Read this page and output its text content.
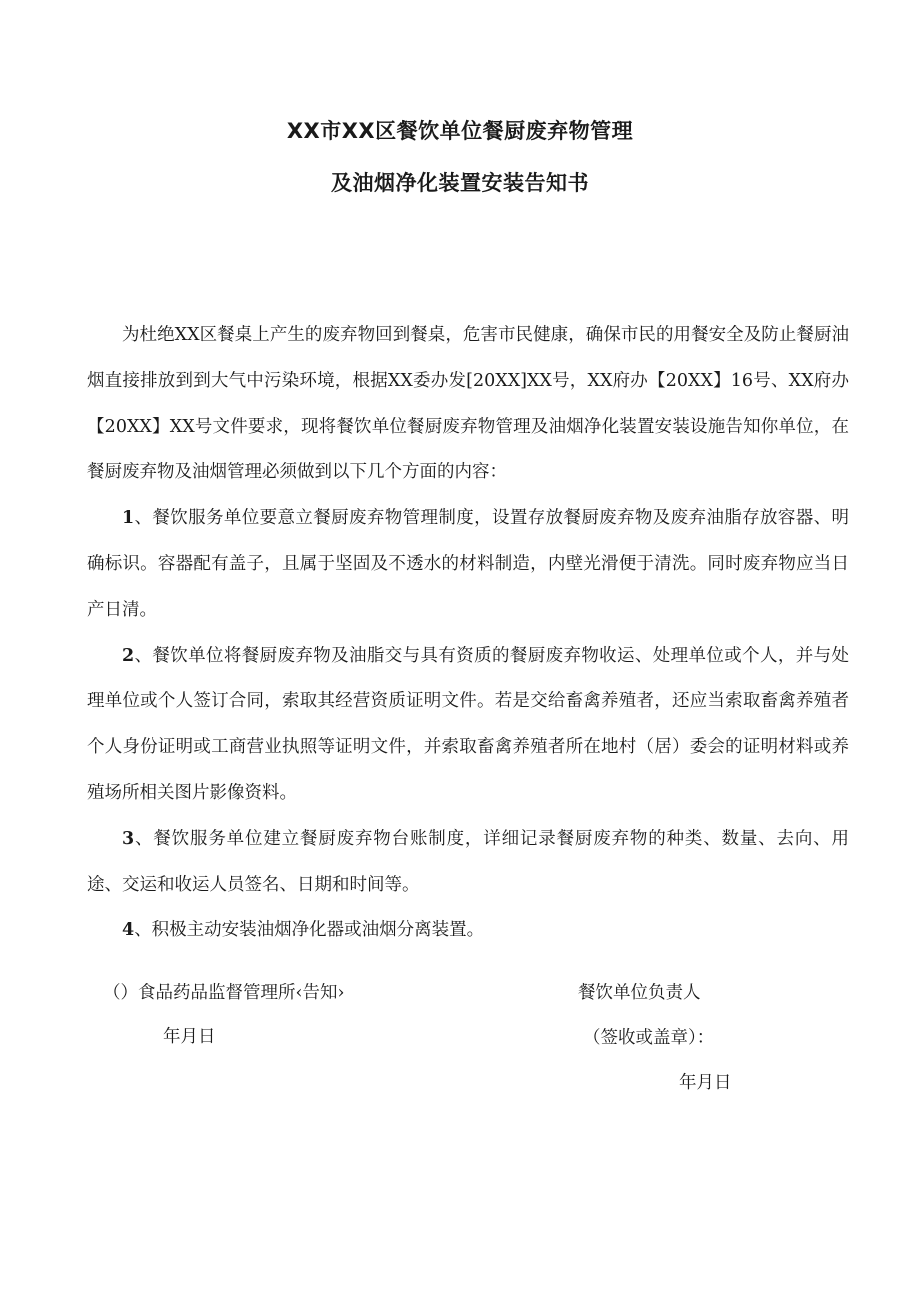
XX市XX区餐饮单位餐厨废弃物管理
及油烟净化装置安装告知书

为杜绝XX区餐桌上产生的废弃物回到餐桌，危害市民健康，确保市民的用餐安全及防止餐厨油烟直接排放到到大气中污染环境，根据XX委办发[20XX]XX号，XX府办【20XX】16号、XX府办【20XX】XX号文件要求，现将餐饮单位餐厨废弃物管理及油烟净化装置安装设施告知你单位，在餐厨废弃物及油烟管理必须做到以下几个方面的内容：

1、餐饮服务单位要意立餐厨废弃物管理制度，设置存放餐厨废弃物及废弃油脂存放容器、明确标识。容器配有盖子，且属于坚固及不透水的材料制造，内壁光滑便于清洗。同时废弃物应当日产日清。

2、餐饮单位将餐厨废弃物及油脂交与具有资质的餐厨废弃物收运、处理单位或个人，并与处理单位或个人签订合同，索取其经营资质证明文件。若是交给畜禽养殖者，还应当索取畜禽养殖者个人身份证明或工商营业执照等证明文件，并索取畜禽养殖者所在地村（居）委会的证明材料或养殖场所相关图片影像资料。

3、餐饮服务单位建立餐厨废弃物台账制度，详细记录餐厨废弃物的种类、数量、去向、用途、交运和收运人员签名、日期和时间等。

4、积极主动安装油烟净化器或油烟分离装置。

（）食品药品监督管理所‹告知›
年月日
餐饮单位负责人
（签收或盖章）：
年月日
